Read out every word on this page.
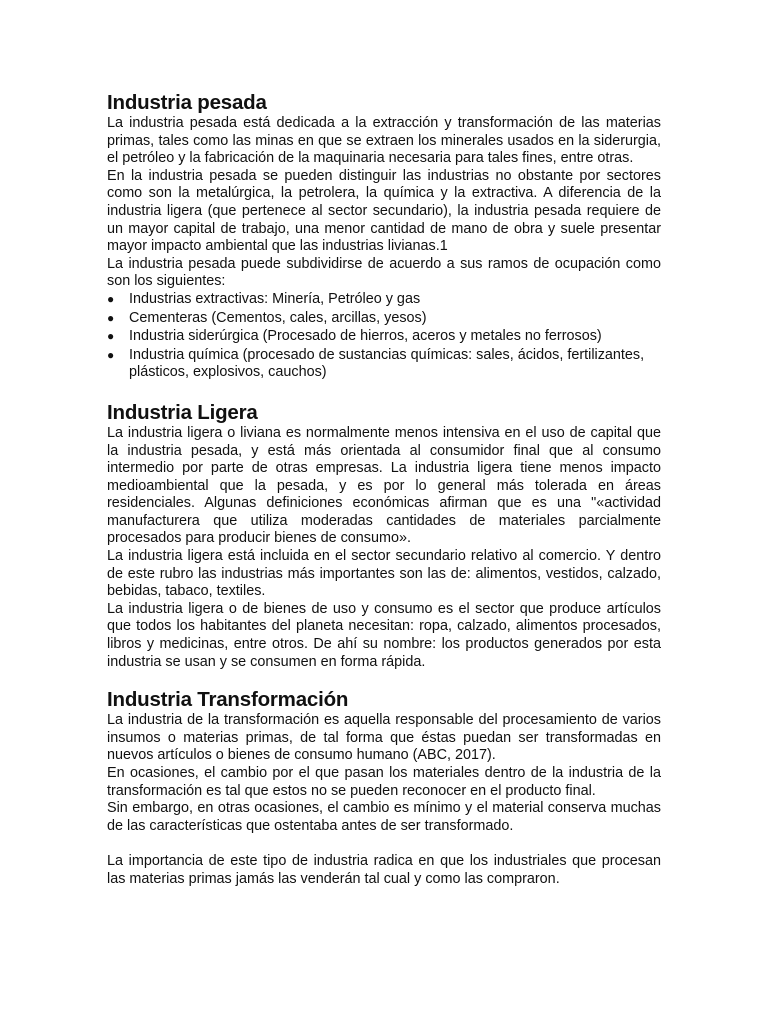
Industria pesada

La industria pesada está dedicada a la extracción y transformación de las materias primas, tales como las minas en que se extraen los minerales usados en la siderurgia, el petróleo y la fabricación de la maquinaria necesaria para tales fines, entre otras.

En la industria pesada se pueden distinguir las industrias no obstante por sectores como son la metalúrgica, la petrolera, la química y la extractiva. A diferencia de la industria ligera (que pertenece al sector secundario), la industria pesada requiere de un mayor capital de trabajo, una menor cantidad de mano de obra y suele presentar mayor impacto ambiental que las industrias livianas.1

La industria pesada puede subdividirse de acuerdo a sus ramos de ocupación como son los siguientes:

●	Industrias extractivas: Minería, Petróleo y gas
●	Cementeras (Cementos, cales, arcillas, yesos)
●	Industria siderúrgica (Procesado de hierros, aceros y metales no ferrosos)
●	Industria química (procesado de sustancias químicas: sales, ácidos, fertilizantes, plásticos, explosivos, cauchos)
Industria Ligera

La industria ligera o liviana es normalmente menos intensiva en el uso de capital que la industria pesada, y está más orientada al consumidor final que al consumo intermedio por parte de otras empresas. La industria ligera tiene menos impacto medioambiental que la pesada, y es por lo general más tolerada en áreas residenciales. Algunas definiciones económicas afirman que es una "«actividad manufacturera que utiliza moderadas cantidades de materiales parcialmente procesados para producir bienes de consumo».

La industria ligera está incluida en el sector secundario relativo al comercio. Y dentro de este rubro las industrias más importantes son las de: alimentos, vestidos, calzado, bebidas, tabaco, textiles.

La industria ligera o de bienes de uso y consumo es el sector que produce artículos que todos los habitantes del planeta necesitan: ropa, calzado, alimentos procesados, libros y medicinas, entre otros. De ahí su nombre: los productos generados por esta industria se usan y se consumen en forma rápida.

Industria Transformación

La industria de la transformación es aquella responsable del procesamiento de varios insumos o materias primas, de tal forma que éstas puedan ser transformadas en nuevos artículos o bienes de consumo humano (ABC, 2017).

En ocasiones, el cambio por el que pasan los materiales dentro de la industria de la transformación es tal que estos no se pueden reconocer en el producto final.

Sin embargo, en otras ocasiones, el cambio es mínimo y el material conserva muchas de las características que ostentaba antes de ser transformado.

La importancia de este tipo de industria radica en que los industriales que procesan las materias primas jamás las venderán tal cual y como las compraron.
